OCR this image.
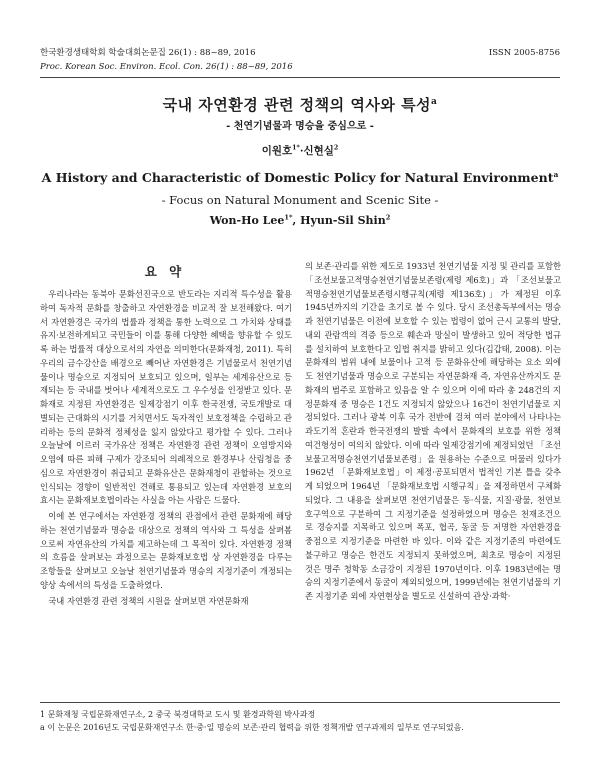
한국환경생태학회 학술대회논문집 26(1) : 88~89, 2016
Proc. Korean Soc. Environ. Ecol. Con. 26(1) : 88~89, 2016
ISSN 2005-8756
국내 자연환경 관련 정책의 역사와 특성$^a$
- 천연기념물과 명승을 중심으로 -
이원호$^{1*}$·신현실$^2$
A History and Characteristic of Domestic Policy for Natural Environment$^a$
- Focus on Natural Monument and Scenic Site -
Won-Ho Lee$^{1*}$, Hyun-Sil Shin$^2$
요 약

우리나라는 동북아 문화선진국으로 반도라는 지리적 특수성을 활용하여 독자적 문화를 창출하고 자연환경을 비교적 잘 보전해왔다. 여기서 자연환경은 국가의 법률과 정책을 통한 노력으로 그 가치와 상태를 유지·보전하게되고 국민들이 이를 통해 다양한 혜택을 향유할 수 있도록 하는 법률적 대상으로서의 자연을 의미한다(문화재청, 2011). 특히 우리의 금수강산을 배경으로 빼어난 자연환경은 기념물로서 천연기념물이나 명승으로 지정되어 보호되고 있으며, 일부는 세계유산으로 등재되는 등 국내를 벗어나 세계적으로도 그 우수성을 인정받고 있다. 문화재로 지정된 자연환경은 일제강점기 이후 한국전쟁, 국토개발로 대별되는 근대화의 시기를 거치면서도 독자적인 보호정책을 수립하고 관리하는 등의 문화적 정체성을 잃지 않았다고 평가할 수 있다. 그러나 오늘날에 이르러 국가유산 정책은 자연환경 관련 정책이 오염방지와 오염에 따른 피해 구제가 강조되어 의례적으로 환경부나 산림청을 중심으로 자연환경이 취급되고 문화유산은 문화재청이 관할하는 것으로 인식되는 경향이 일반적인 견해로 통용되고 있는데 자연환경 보호의 효시는 문화재보호법이라는 사실을 아는 사람은 드물다.

이에 본 연구에서는 자연환경 정책의 관점에서 관련 문화재에 해당하는 천연기념물과 명승을 대상으로 정책의 역사와 그 특성을 살펴봄으로써 자연유산의 가치를 제고하는데 그 목적이 있다. 자연환경 정책의 흐름을 살펴보는 과정으로는 문화재보호법 상 자연환경을 다루는 조항들을 살펴보고 오늘날 천연기념물과 명승의 지정기준이 개정되는 양상 속에서의 특성을 도출하였다.

국내 자연환경 관련 정책의 시원을 살펴보면 자연문화재

의 보존·관리를 위한 제도로 1933년 천연기념물 지정 및 관리를 포함한 「조선보물고적명승천연기념물보존령(제령 제6호)」과 「조선보물고적명승천연기념물보존령시행규칙(제령 제136호)」가 제정된 이후 1945년까지의 기간을 초기로 볼 수 있다. 당시 조선총독부에서는 명승과 천연기념물은 이전에 보호할 수 있는 법령이 없어 근시 교통의 발달, 내외 관람객의 격증 등으로 훼손과 망실이 발생하고 있어 적당한 법규를 설치하여 보호한다고 입법 취지를 밝히고 있다(김갑태, 2008). 이는 문화재의 범위 내에 보물이나 고적 등 문화유산에 해당하는 요소 외에도 천연기념물과 명승으로 구분되는 자연문화재 즉, 자연유산까지도 문화재의 범주로 포함하고 있음을 알 수 있으며 이에 따라 총 248건의 지정문화재 중 명승은 1건도 지정되지 않았으나 16건이 천연기념물로 지정되었다. 그러나 광복 이후 국가 전반에 걸쳐 여러 분야에서 나타나는 과도기적 혼란과 한국전쟁의 발발 속에서 문화재의 보호를 위한 정책 여건형성이 여의치 않았다. 이에 따라 일제강점기에 제정되었던 「조선보물고적명승천연기념물보존령」을 원용하는 수준으로 머물러 있다가 1962년 「문화재보호법」이 제정·공포되면서 법적인 기본 틀을 갖추게 되었으며 1964년 「문화재보호법 시행규칙」을 제정하면서 구체화 되었다. 그 내용을 살펴보면 천연기념물은 동·식물, 지질·광물, 천연보호구역으로 구분하여 그 지정기준을 설정하였으며 명승은 천재조건으로 경승지를 지목하고 있으며 폭포, 협곡, 동굴 등 저명한 자연환경을 중점으로 지정기준을 마련한 바 있다. 이와 같은 지정기준의 마련에도 불구하고 명승은 한건도 지정되지 못하였으며, 최초로 명승이 지정된 것은 명주 청학동 소금강이 지정된 1970년이다. 이후 1983년에는 명승의 지정기준에서 동굴이 제외되었으며, 1999년에는 천연기념물의 기존 지정기준 외에 자연현상을 별도로 신설하여 관상·과학·

1 문화재청 국립문화재연구소, 2 중국 북경대학교 도시 및 환경과학원 박사과정
a 이 논문은 2016년도 국립문화재연구소 한·중·일 명승의 보존·관리 협력을 위한 정책개발 연구과제의 일부로 연구되었음.
